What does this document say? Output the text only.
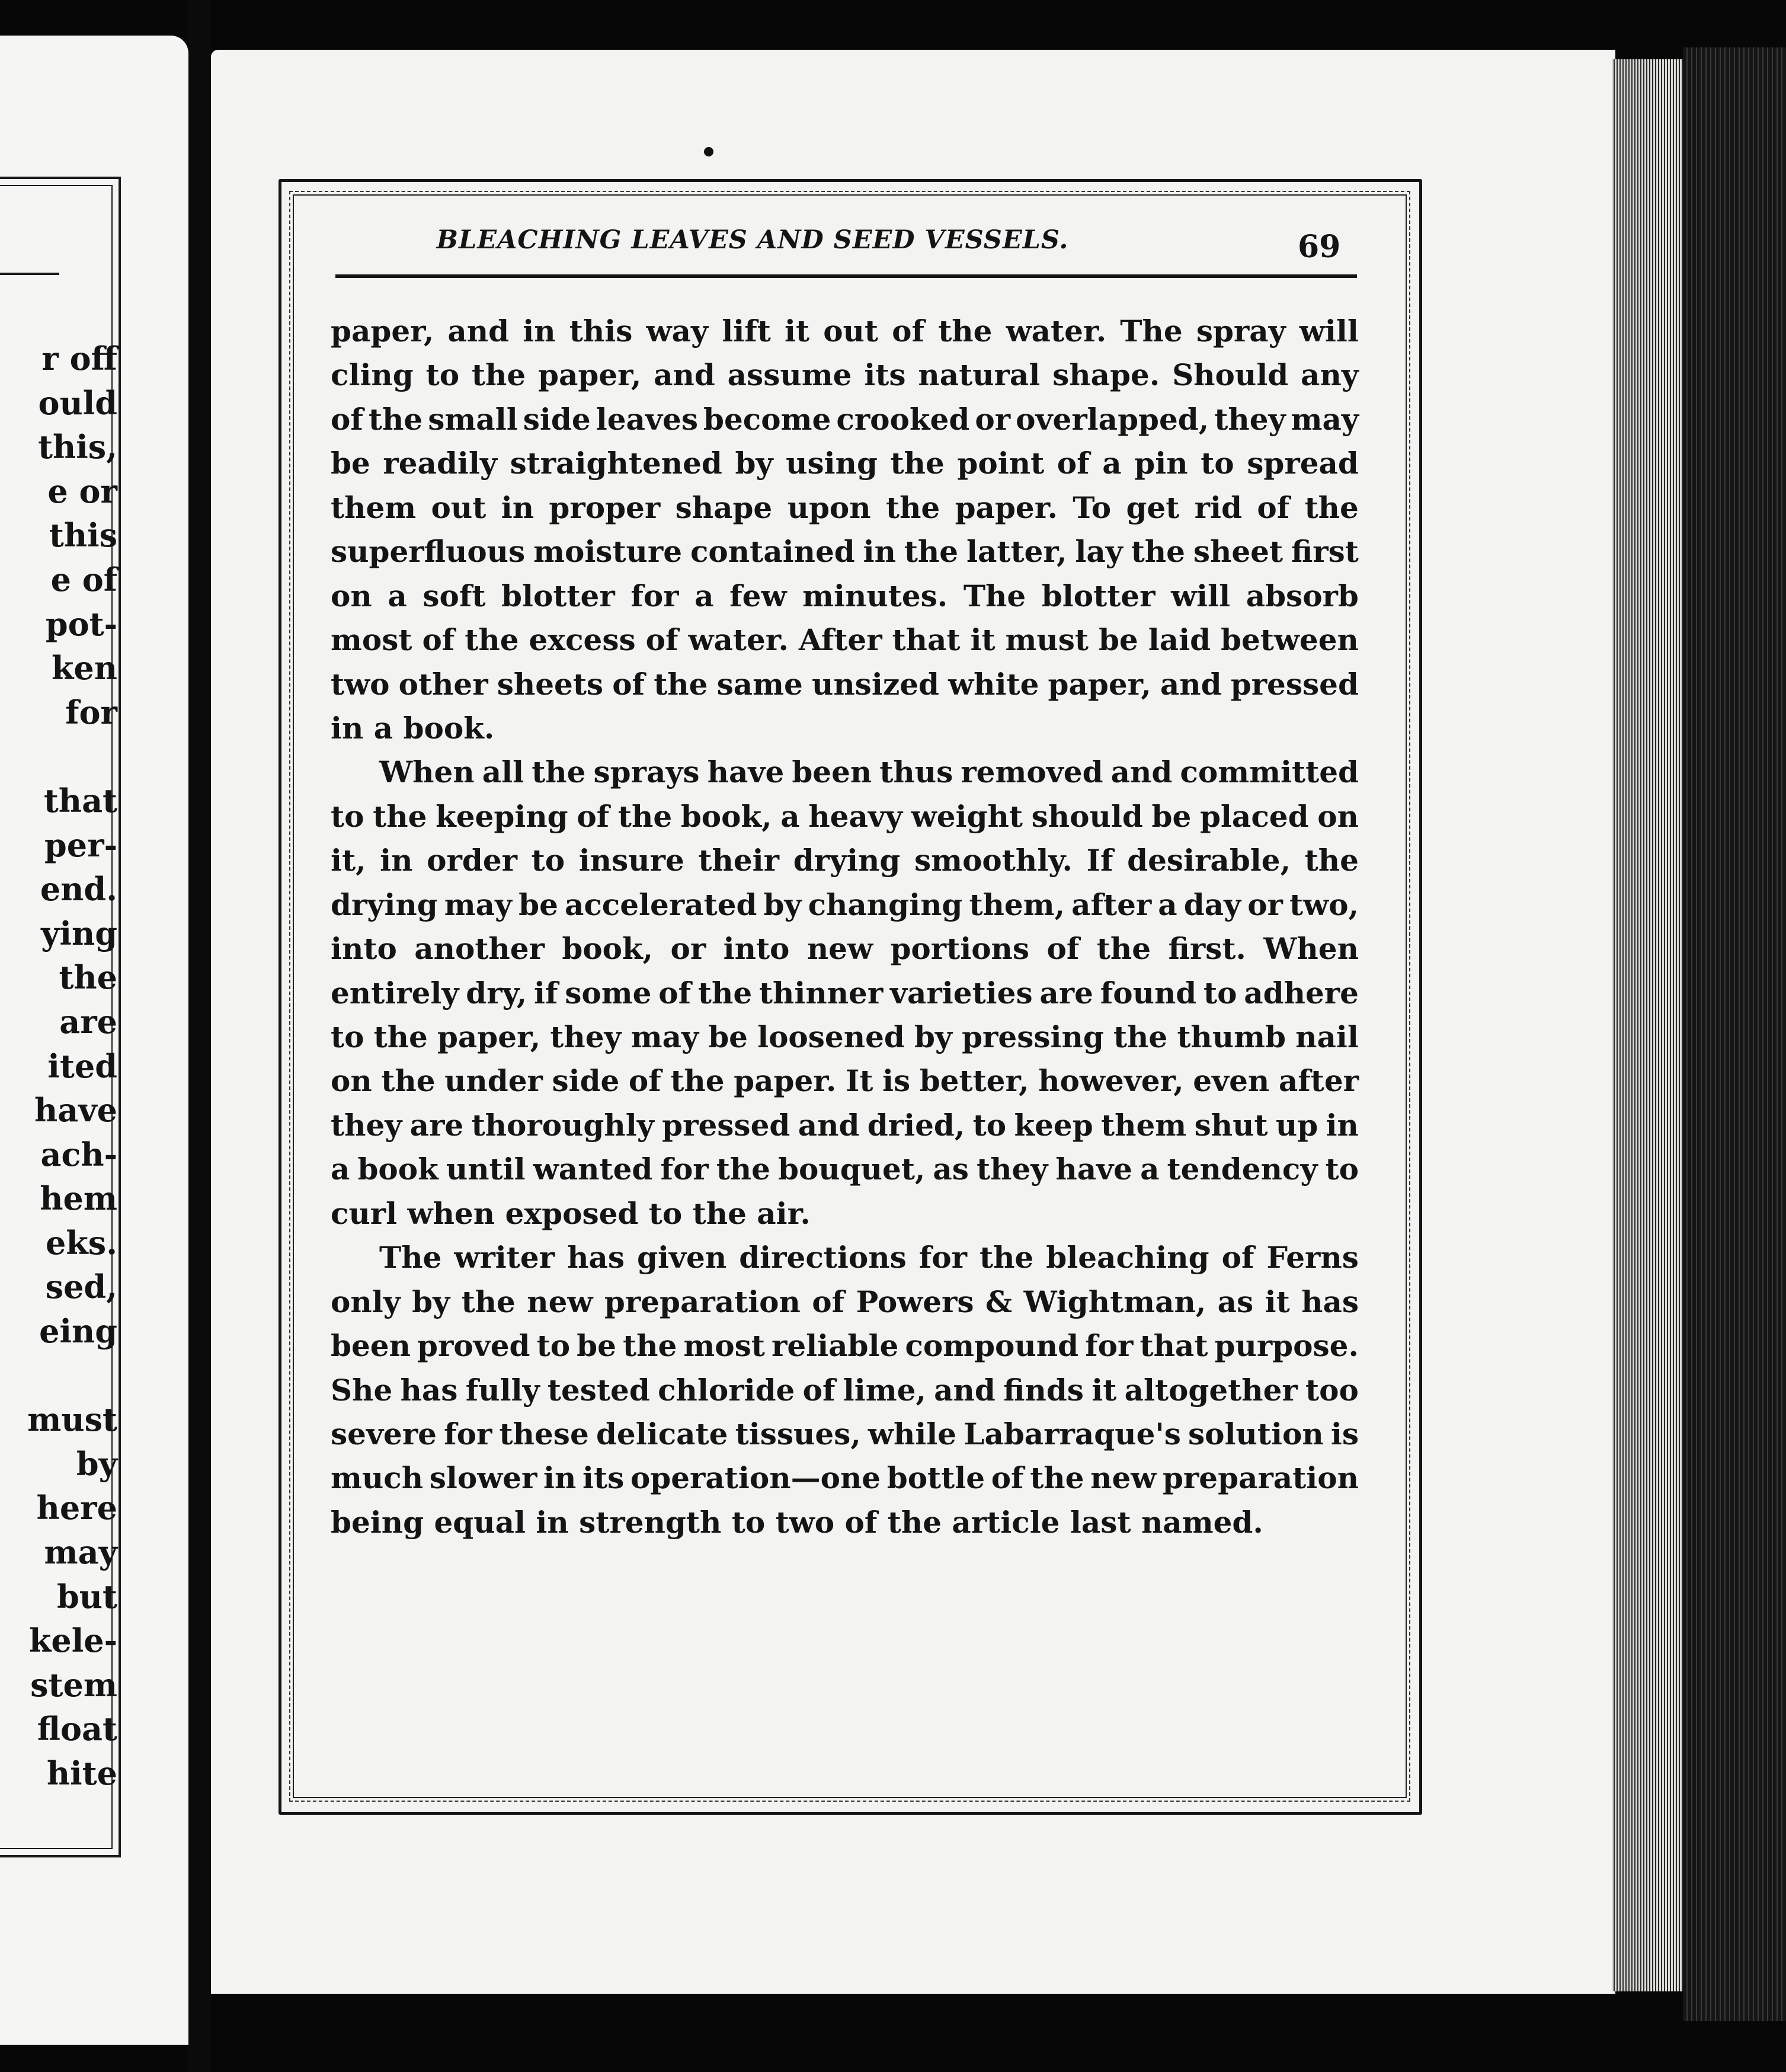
r off
ould
this,
e or
this
e of
pot-
ken
for
that
per-
end.
ying
the
are
ited
have
ach-
hem
eks.
sed,
eing
must
by
here
may
but
kele-
stem
float
hite
BLEACHING LEAVES AND SEED VESSELS.	69
paper, and in this way lift it out of the water. The spray will
cling to the paper, and assume its natural shape. Should any
of the small side leaves become crooked or overlapped, they may
be readily straightened by using the point of a pin to spread
them out in proper shape upon the paper. To get rid of the
superfluous moisture contained in the latter, lay the sheet first
on a soft blotter for a few minutes. The blotter will absorb
most of the excess of water. After that it must be laid between
two other sheets of the same unsized white paper, and pressed
in a book.
When all the sprays have been thus removed and committed
to the keeping of the book, a heavy weight should be placed on
it, in order to insure their drying smoothly. If desirable, the
drying may be accelerated by changing them, after a day or two,
into another book, or into new portions of the first. When
entirely dry, if some of the thinner varieties are found to adhere
to the paper, they may be loosened by pressing the thumb nail
on the under side of the paper. It is better, however, even after
they are thoroughly pressed and dried, to keep them shut up in
a book until wanted for the bouquet, as they have a tendency to
curl when exposed to the air.
The writer has given directions for the bleaching of Ferns
only by the new preparation of Powers & Wightman, as it has
been proved to be the most reliable compound for that purpose.
She has fully tested chloride of lime, and finds it altogether too
severe for these delicate tissues, while Labarraque's solution is
much slower in its operation—one bottle of the new preparation
being equal in strength to two of the article last named.
